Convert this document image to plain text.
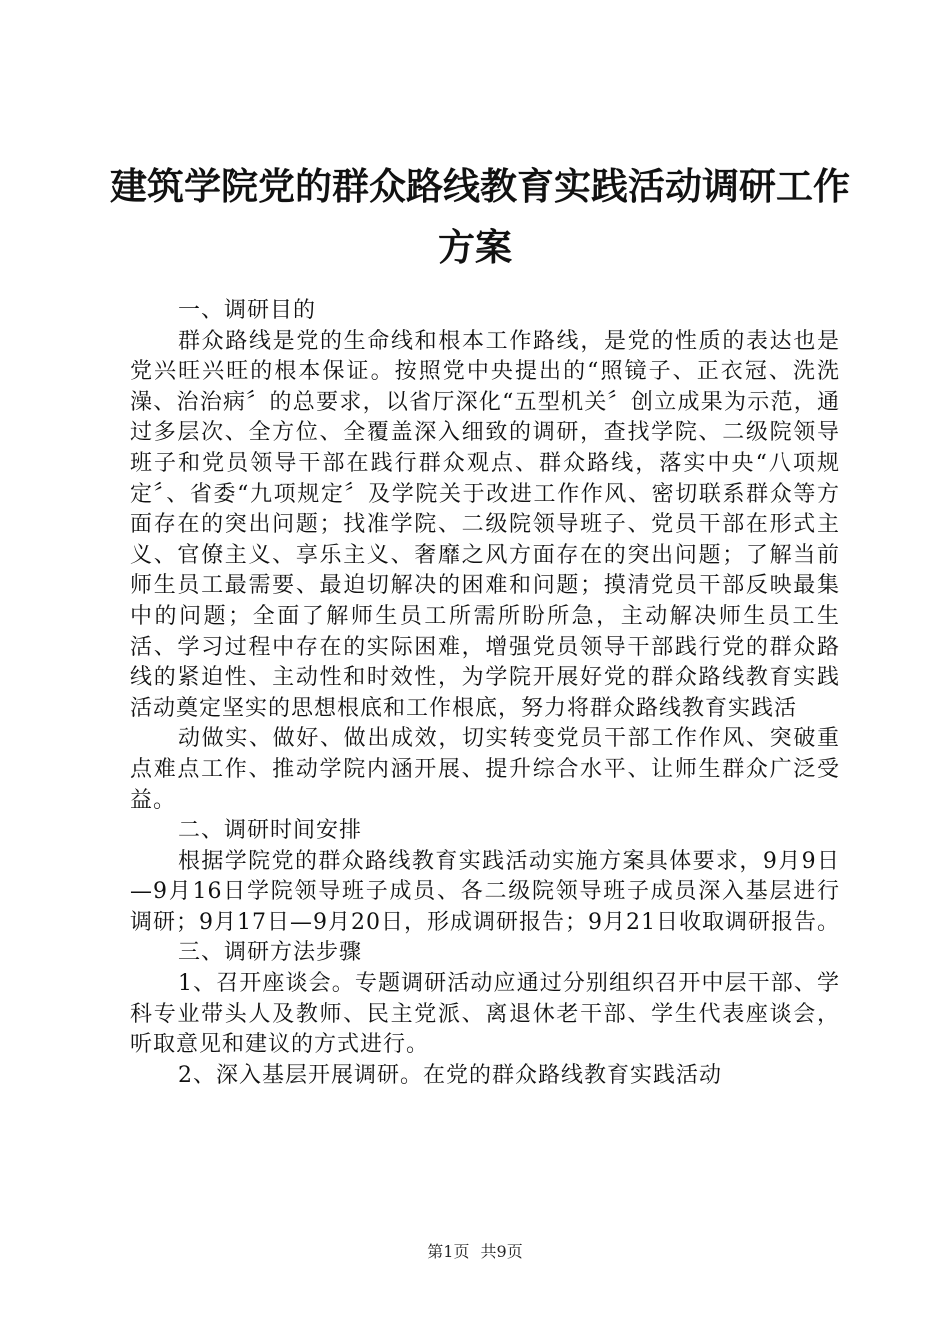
建筑学院党的群众路线教育实践活动调研工作
方案

一、调研目的

群众路线是党的生命线和根本工作路线，是党的性质的表达也是党兴旺兴旺的根本保证。按照党中央提出的“照镜子、正衣冠、洗洗澡、治治病〞的总要求，以省厅深化“五型机关〞创立成果为示范，通过多层次、全方位、全覆盖深入细致的调研，查找学院、二级院领导班子和党员领导干部在践行群众观点、群众路线，落实中央“八项规定〞、省委“九项规定〞及学院关于改进工作作风、密切联系群众等方面存在的突出问题；找准学院、二级院领导班子、党员干部在形式主义、官僚主义、享乐主义、奢靡之风方面存在的突出问题；了解当前师生员工最需要、最迫切解决的困难和问题；摸清党员干部反映最集中的问题；全面了解师生员工所需所盼所急，主动解决师生员工生活、学习过程中存在的实际困难，增强党员领导干部践行党的群众路线的紧迫性、主动性和时效性，为学院开展好党的群众路线教育实践活动奠定坚实的思想根底和工作根底，努力将群众路线教育实践活

动做实、做好、做出成效，切实转变党员干部工作作风、突破重点难点工作、推动学院内涵开展、提升综合水平、让师生群众广泛受益。

二、调研时间安排

根据学院党的群众路线教育实践活动实施方案具体要求，9月9日—9月16日学院领导班子成员、各二级院领导班子成员深入基层进行调研；9月17日—9月20日，形成调研报告；9月21日收取调研报告。

三、调研方法步骤

1、召开座谈会。专题调研活动应通过分别组织召开中层干部、学科专业带头人及教师、民主党派、离退休老干部、学生代表座谈会，听取意见和建议的方式进行。

2、深入基层开展调研。在党的群众路线教育实践活动

第1页 共9页
